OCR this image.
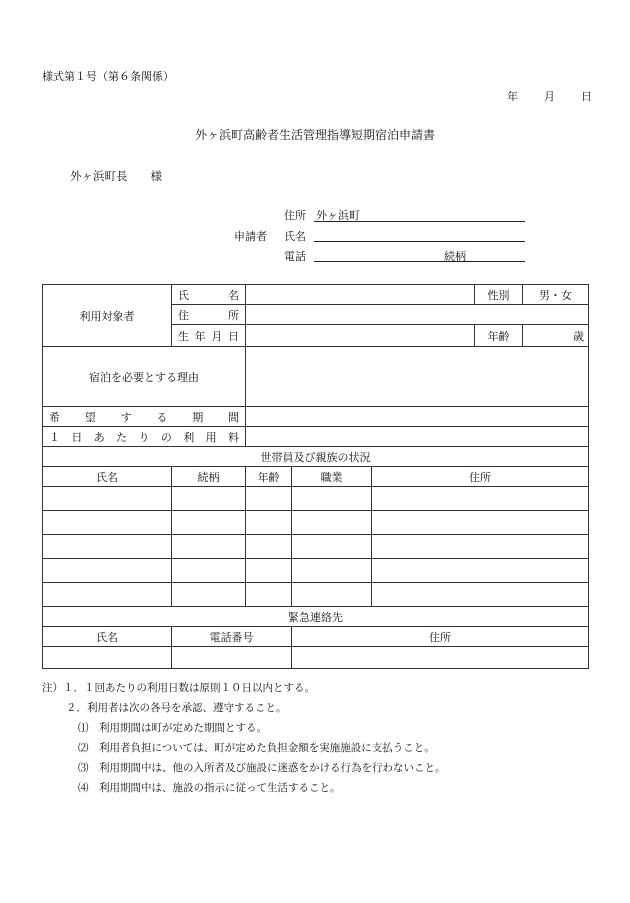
様式第１号（第６条関係）
年 月 日
外ヶ浜町高齢者生活管理指導短期宿泊申請書
外ヶ浜町長　　様
住所 外ヶ浜町
申請者 氏名
電話	続柄
利用対象者	氏　　　名				性別	男・女
	住　　　所					
	生 年 月 日				年齢	歳
宿泊を必要とする理由						
希　望　す　る　期　間						
１　日　あ　た　り　の　利　用　料						
世帯員及び親族の状況						
氏名	続柄	年齢	職業	住所		

緊急連絡先						
氏名	電話番号		住所			

注）１．１回あたりの利用日数は原則１０日以内とする。
２．利用者は次の各号を承認、遵守すること。
⑴　利用期間は町が定めた期間とする。
⑵　利用者負担については、町が定めた負担金額を実施施設に支払うこと。
⑶　利用期間中は、他の入所者及び施設に迷惑をかける行為を行わないこと。
⑷　利用期間中は、施設の指示に従って生活すること。
